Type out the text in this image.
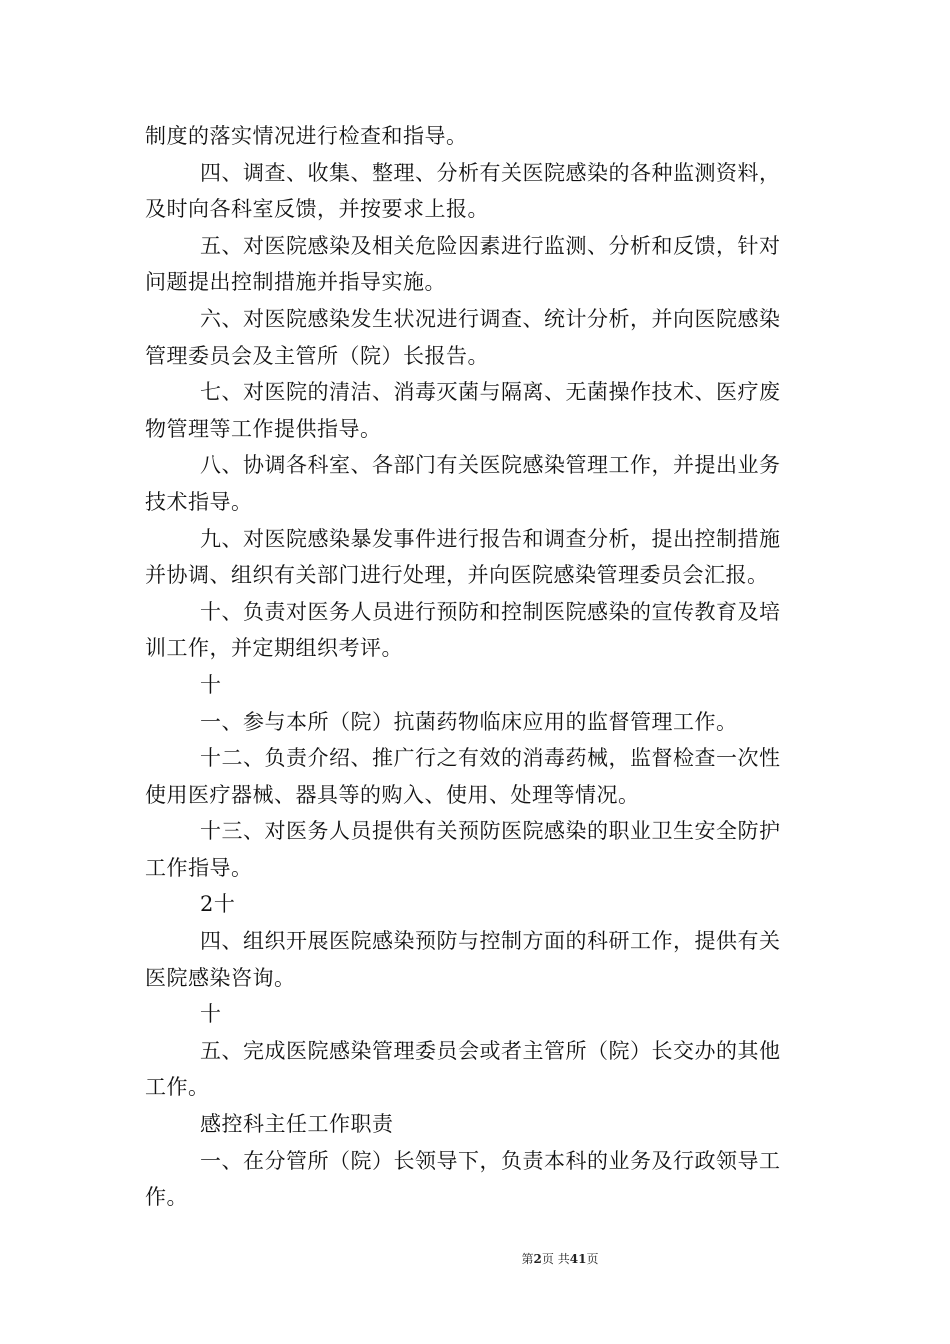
制度的落实情况进行检查和指导。
四、调查、收集、整理、分析有关医院感染的各种监测资料，
及时向各科室反馈，并按要求上报。
五、对医院感染及相关危险因素进行监测、分析和反馈，针对
问题提出控制措施并指导实施。
六、对医院感染发生状况进行调查、统计分析，并向医院感染
管理委员会及主管所（院）长报告。
七、对医院的清洁、消毒灭菌与隔离、无菌操作技术、医疗废
物管理等工作提供指导。
八、协调各科室、各部门有关医院感染管理工作，并提出业务
技术指导。
九、对医院感染暴发事件进行报告和调查分析，提出控制措施
并协调、组织有关部门进行处理，并向医院感染管理委员会汇报。
十、负责对医务人员进行预防和控制医院感染的宣传教育及培
训工作，并定期组织考评。
十
一、参与本所（院）抗菌药物临床应用的监督管理工作。
十二、负责介绍、推广行之有效的消毒药械，监督检查一次性
使用医疗器械、器具等的购入、使用、处理等情况。
十三、对医务人员提供有关预防医院感染的职业卫生安全防护
工作指导。
2十
四、组织开展医院感染预防与控制方面的科研工作，提供有关
医院感染咨询。
十
五、完成医院感染管理委员会或者主管所（院）长交办的其他
工作。
感控科主任工作职责
一、在分管所（院）长领导下，负责本科的业务及行政领导工
作。
第2页 共41页
